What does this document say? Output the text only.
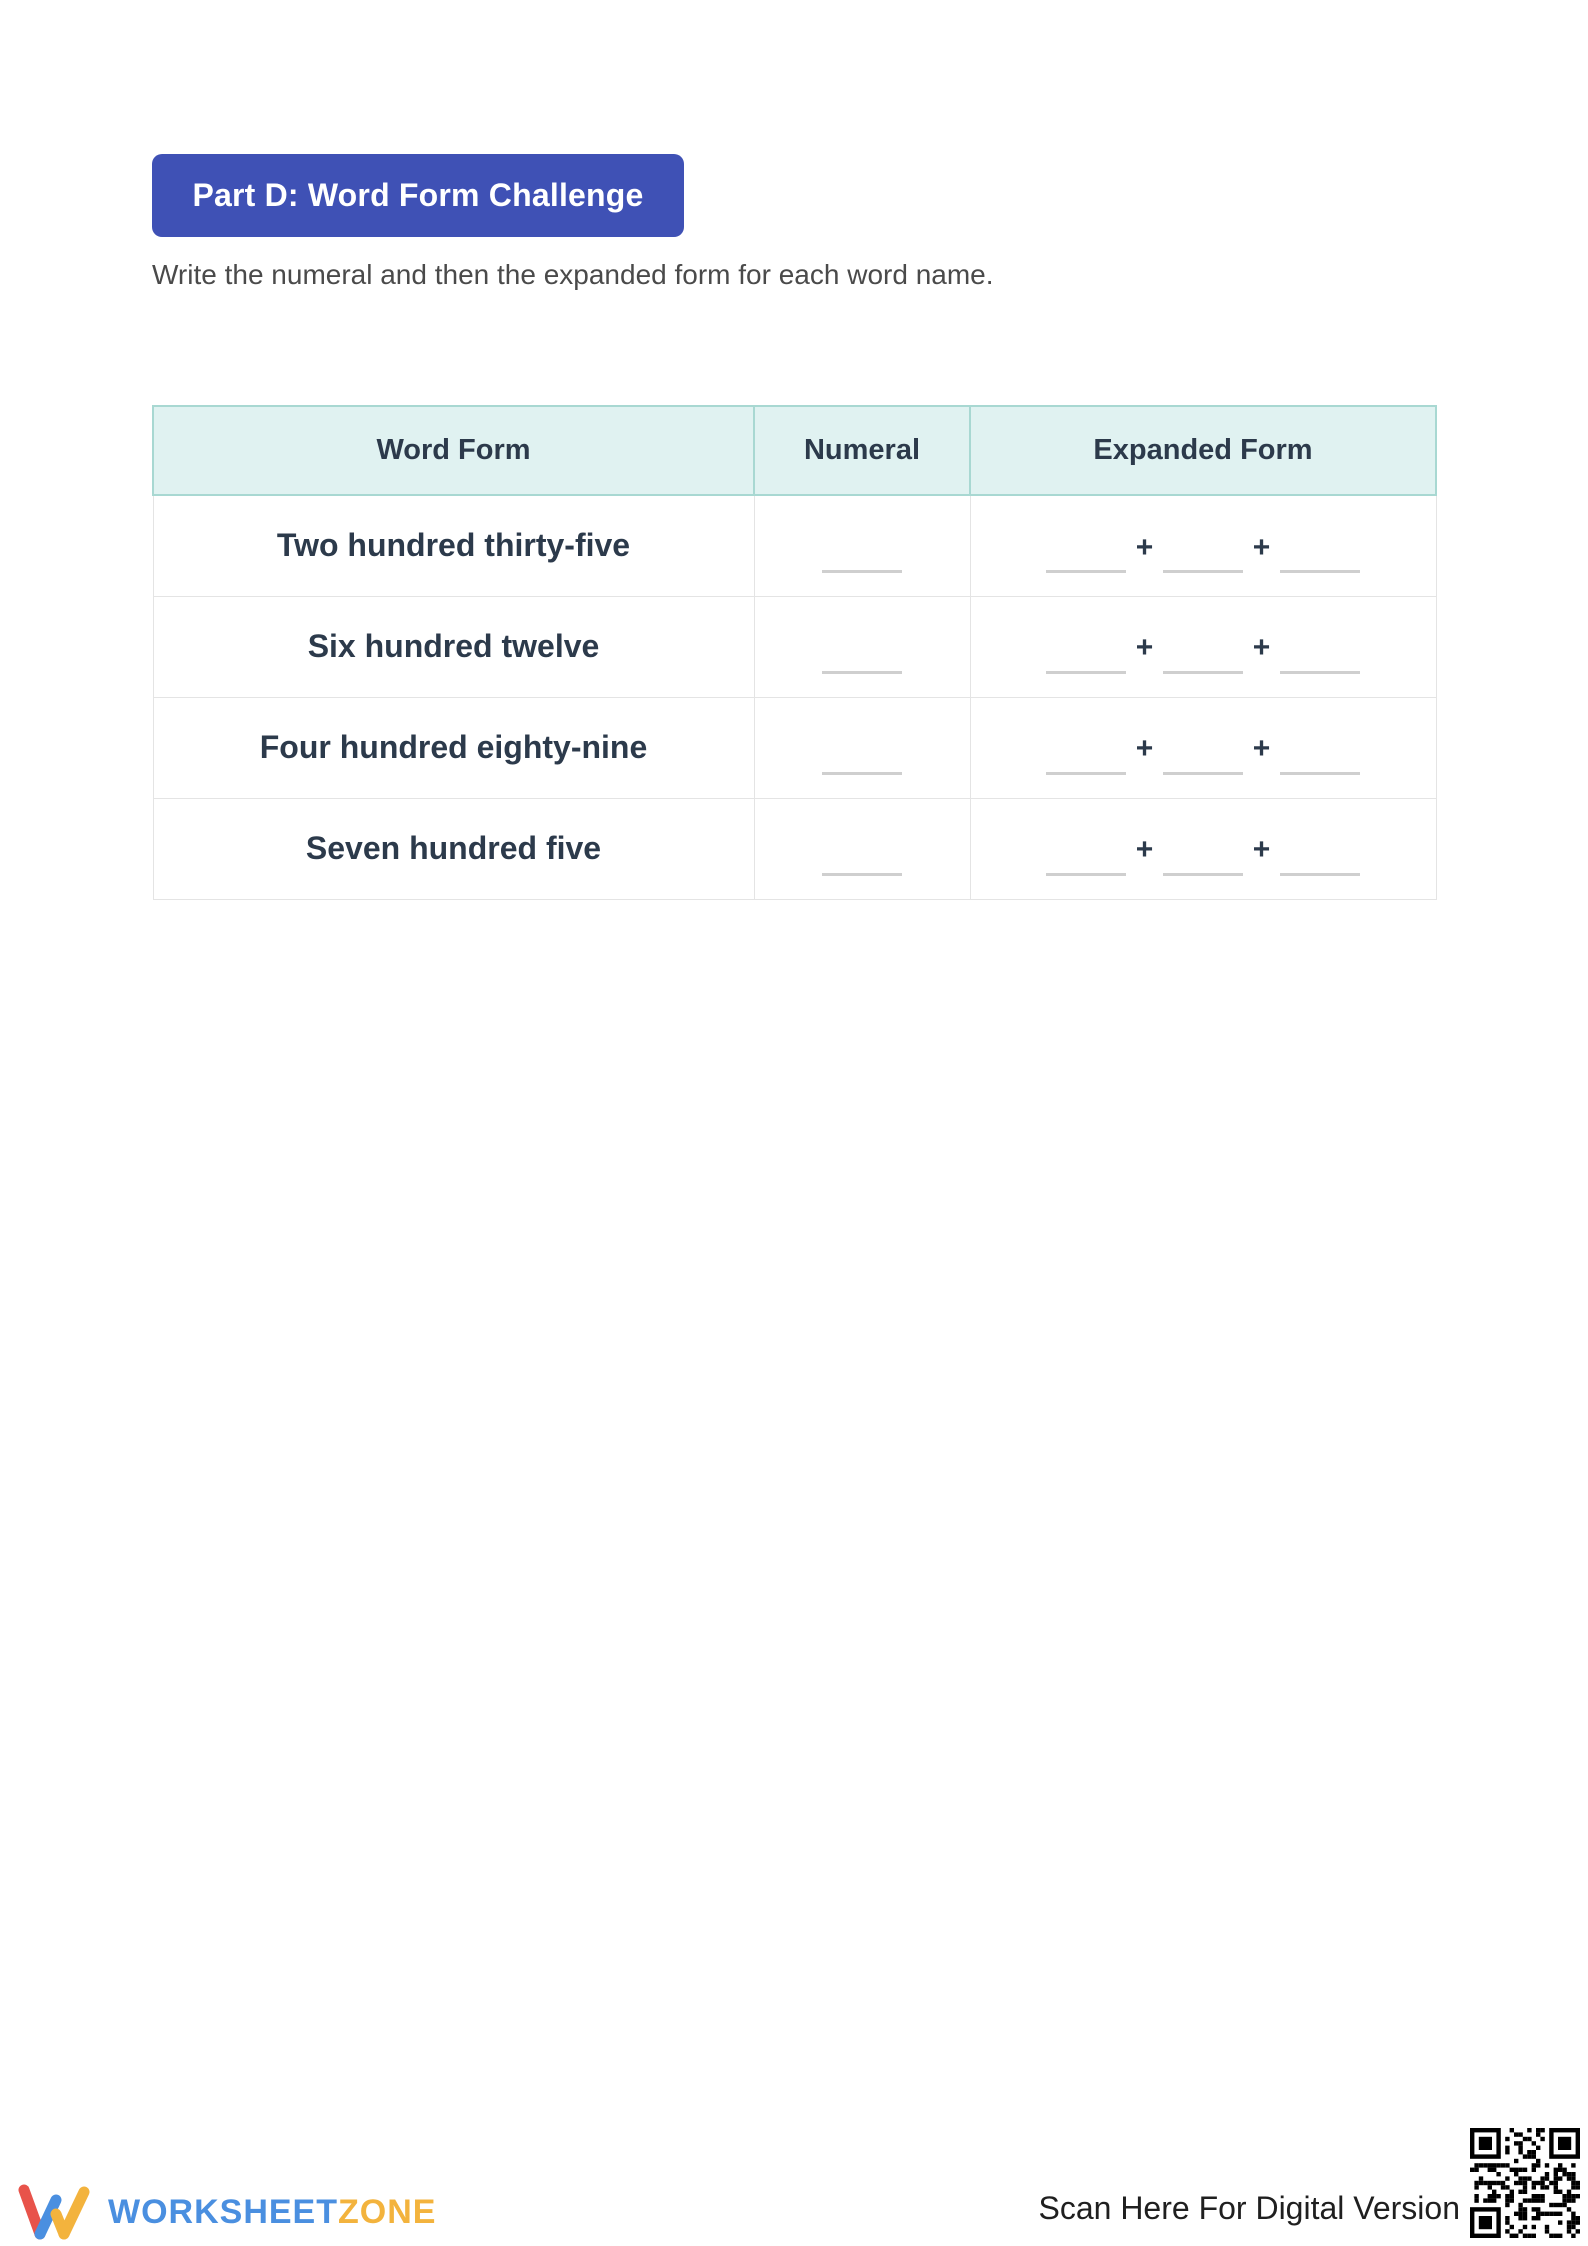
Part D: Word Form Challenge
Write the numeral and then the expanded form for each word name.
Word Form	Numeral	Expanded Form
Two hundred thirty-five		+ +
Six hundred twelve		+ +
Four hundred eighty-nine		+ +
Seven hundred five		+ +
WORKSHEETZONE	Scan Here For Digital Version
